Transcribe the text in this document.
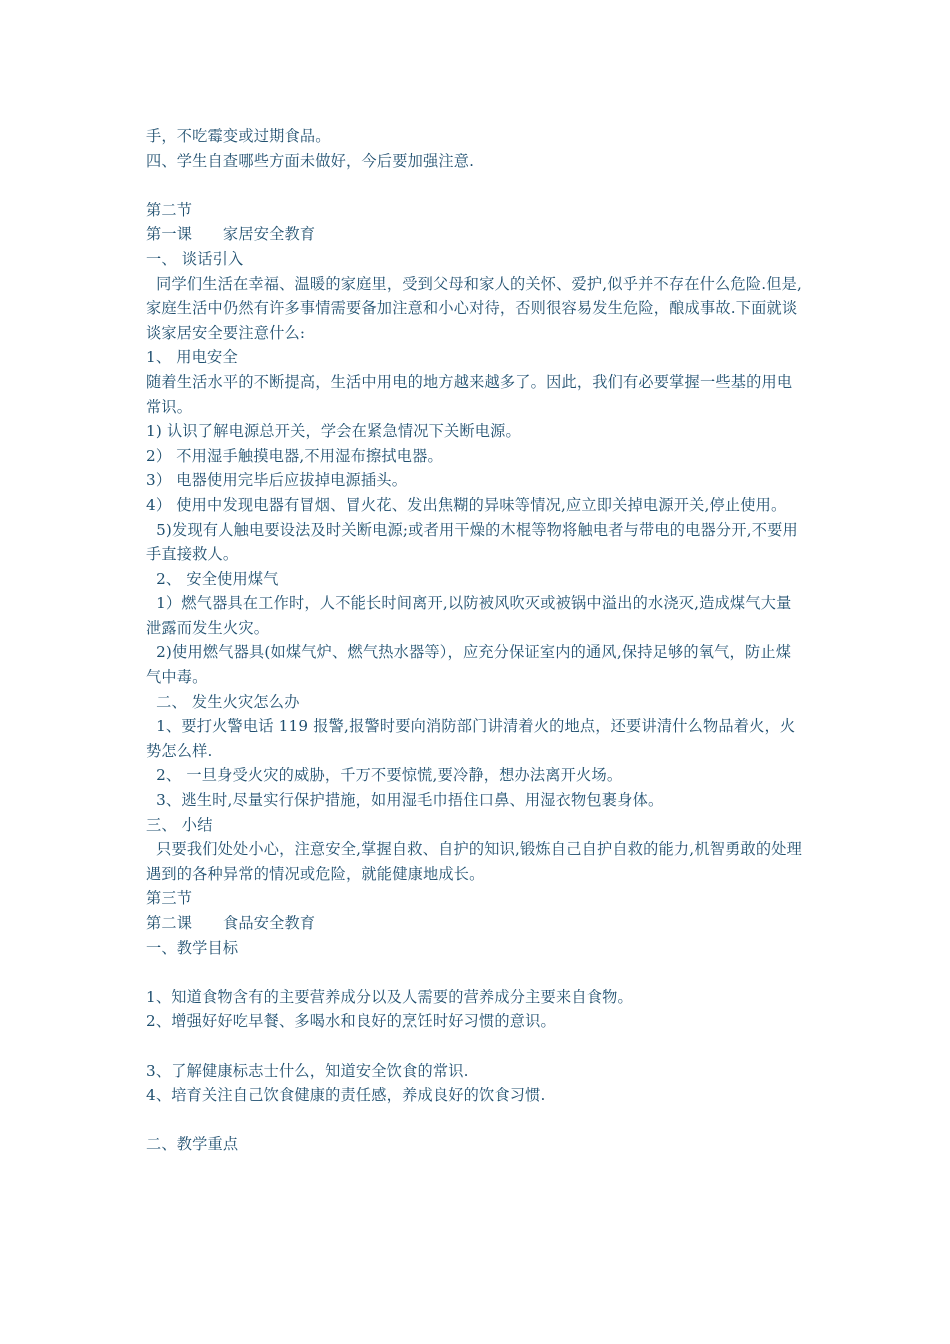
手，不吃霉变或过期食品。

四、学生自查哪些方面未做好，今后要加强注意.

第二节

第一课　　家居安全教育

一、 谈话引入

同学们生活在幸福、温暖的家庭里，受到父母和家人的关怀、爱护,似乎并不存在什么危险.但是,家庭生活中仍然有许多事情需要备加注意和小心对待，否则很容易发生危险，酿成事故.下面就谈谈家居安全要注意什么:

1、 用电安全

随着生活水平的不断提高，生活中用电的地方越来越多了。因此，我们有必要掌握一些基的用电常识。

1) 认识了解电源总开关，学会在紧急情况下关断电源。

2） 不用湿手触摸电器,不用湿布擦拭电器。

3） 电器使用完毕后应拔掉电源插头。

4） 使用中发现电器有冒烟、冒火花、发出焦糊的异味等情况,应立即关掉电源开关,停止使用。

5)发现有人触电要设法及时关断电源;或者用干燥的木棍等物将触电者与带电的电器分开,不要用手直接救人。

2、 安全使用煤气

1）燃气器具在工作时，人不能长时间离开,以防被风吹灭或被锅中溢出的水浇灭,造成煤气大量泄露而发生火灾。

2)使用燃气器具(如煤气炉、燃气热水器等），应充分保证室内的通风,保持足够的氧气，防止煤气中毒。

二、 发生火灾怎么办

1、要打火警电话 119 报警,报警时要向消防部门讲清着火的地点，还要讲清什么物品着火，火势怎么样.

2、 一旦身受火灾的威胁，千万不要惊慌,要冷静，想办法离开火场。

3、逃生时,尽量实行保护措施，如用湿毛巾捂住口鼻、用湿衣物包裹身体。

三、 小结

只要我们处处小心，注意安全,掌握自救、自护的知识,锻炼自己自护自救的能力,机智勇敢的处理遇到的各种异常的情况或危险，就能健康地成长。

第三节

第二课　　食品安全教育

一、教学目标

1、知道食物含有的主要营养成分以及人需要的营养成分主要来自食物。

2、增强好好吃早餐、多喝水和良好的烹饪时好习惯的意识。

3、了解健康标志士什么，知道安全饮食的常识.

4、培育关注自己饮食健康的责任感，养成良好的饮食习惯.

二、教学重点
